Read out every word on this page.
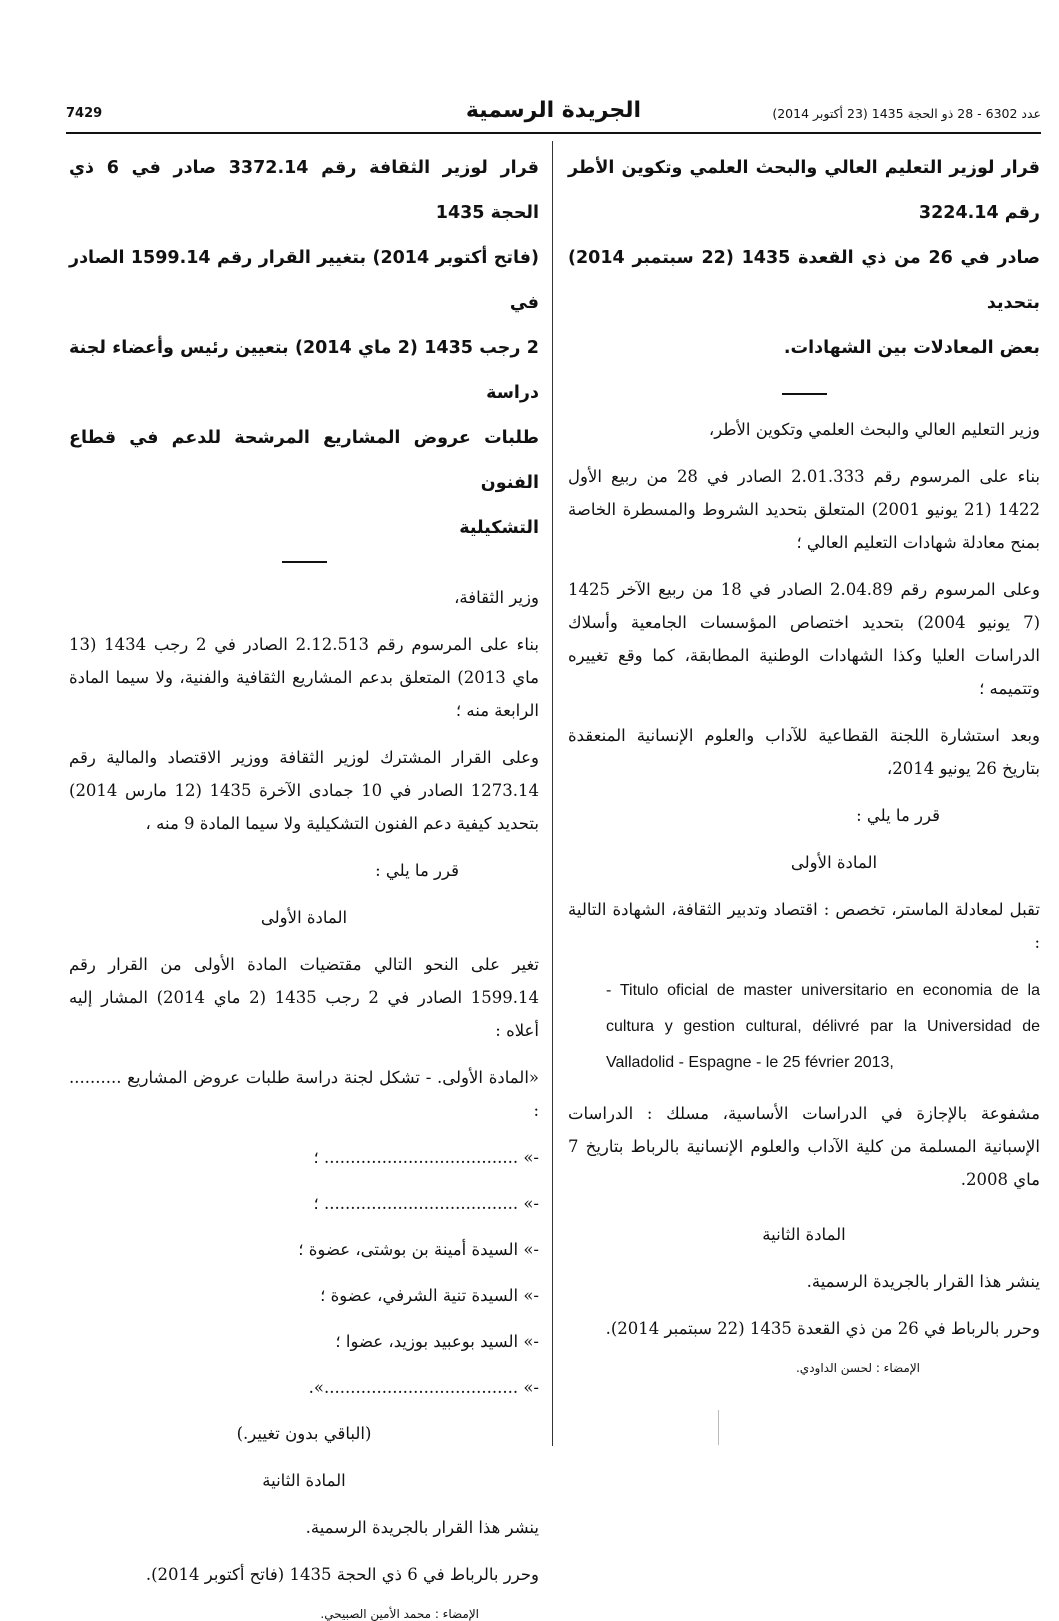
7429	الجريدة الرسمية	عدد 6302 - 28 ذو الحجة 1435 (23 أكتوبر 2014)
قرار لوزير التعليم العالي والبحث العلمي وتكوين الأطر رقم 3224.14
صادر في 26 من ذي القعدة 1435 (22 سبتمبر 2014) بتحديد
بعض المعادلات بين الشهادات.

وزير التعليم العالي والبحث العلمي وتكوين الأطر،

بناء على المرسوم رقم 2.01.333 الصادر في 28 من ربيع الأول 1422 (21 يونيو 2001) المتعلق بتحديد الشروط والمسطرة الخاصة بمنح معادلة شهادات التعليم العالي ؛

وعلى المرسوم رقم 2.04.89 الصادر في 18 من ربيع الآخر 1425 (7 يونيو 2004) بتحديد اختصاص المؤسسات الجامعية وأسلاك الدراسات العليا وكذا الشهادات الوطنية المطابقة، كما وقع تغييره وتتميمه ؛

وبعد استشارة اللجنة القطاعية للآداب والعلوم الإنسانية المنعقدة بتاريخ 26 يونيو 2014،

قرر ما يلي :

المادة الأولى

تقبل لمعادلة الماستر، تخصص : اقتصاد وتدبير الثقافة، الشهادة التالية :

- Titulo oficial de master universitario en economia de la cultura y gestion cultural, délivré par la Universidad de Valladolid - Espagne - le 25 février 2013,

مشفوعة بالإجازة في الدراسات الأساسية، مسلك : الدراسات الإسبانية المسلمة من كلية الآداب والعلوم الإنسانية بالرباط بتاريخ 7 ماي 2008.

المادة الثانية

ينشر هذا القرار بالجريدة الرسمية.

وحرر بالرباط في 26 من ذي القعدة 1435 (22 سبتمبر 2014).

الإمضاء : لحسن الداودي.
قرار لوزير الثقافة رقم 3372.14 صادر في 6 ذي الحجة 1435
(فاتح أكتوبر 2014) بتغيير القرار رقم 1599.14 الصادر في
2 رجب 1435 (2 ماي 2014) بتعيين رئيس وأعضاء لجنة دراسة
طلبات عروض المشاريع المرشحة للدعم في قطاع الفنون
التشكيلية

وزير الثقافة،

بناء على المرسوم رقم 2.12.513 الصادر في 2 رجب 1434 (13 ماي 2013) المتعلق بدعم المشاريع الثقافية والفنية، ولا سيما المادة الرابعة منه ؛

وعلى القرار المشترك لوزير الثقافة ووزير الاقتصاد والمالية رقم 1273.14 الصادر في 10 جمادى الآخرة 1435 (12 مارس 2014) بتحديد كيفية دعم الفنون التشكيلية ولا سيما المادة 9 منه ،

قرر ما يلي :

المادة الأولى

تغير على النحو التالي مقتضيات المادة الأولى من القرار رقم 1599.14 الصادر في 2 رجب 1435 (2 ماي 2014) المشار إليه أعلاه :

«المادة الأولى. - تشكل لجنة دراسة طلبات عروض المشاريع .......... :

-» ..................................... ؛

-» ..................................... ؛

-» السيدة أمينة بن بوشتى، عضوة ؛

-» السيدة تنية الشرفي، عضوة ؛

-» السيد بوعبيد بوزيد، عضوا ؛

-» .....................................».

(الباقي بدون تغيير.)

المادة الثانية

ينشر هذا القرار بالجريدة الرسمية.

وحرر بالرباط في 6 ذي الحجة 1435 (فاتح أكتوبر 2014).

الإمضاء : محمد الأمين الصبيحي.
